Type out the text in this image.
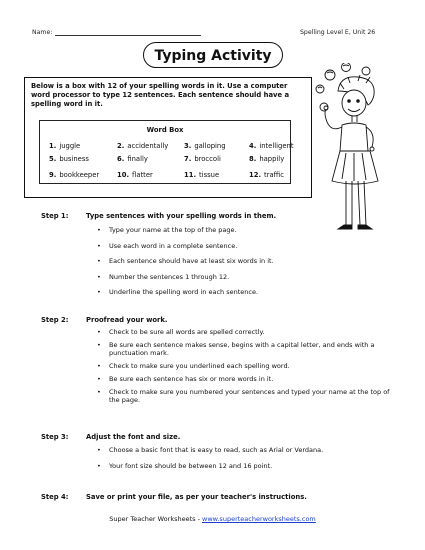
Name:	Spelling Level E, Unit 26
Typing Activity
Below is a box with 12 of your spelling words in it. Use a computer word processor to type 12 sentences. Each sentence should have a spelling word in it.
Word Box
1. juggle	2. accidentally 3. galloping	4. intelligent
5. business	6. finally	7. broccoli	8. happily
9. bookkeeper	10. flatter	11. tissue	12. traffic
Step 1:	Type sentences with your spelling words in them.
• Type your name at the top of the page.
• Use each word in a complete sentence.
• Each sentence should have at least six words in it.
• Number the sentences 1 through 12.
• Underline the spelling word in each sentence.
Step 2:	Proofread your work.
• Check to be sure all words are spelled correctly.
• Be sure each sentence makes sense, begins with a capital letter, and ends with a punctuation mark.
• Check to make sure you underlined each spelling word.
• Be sure each sentence has six or more words in it.
• Check to make sure you numbered your sentences and typed your name at the top of the page.
Step 3:	Adjust the font and size.
• Choose a basic font that is easy to read, such as Arial or Verdana.
• Your font size should be between 12 and 16 point.
Step 4:	Save or print your file, as per your teacher's instructions.
Super Teacher Worksheets - www.superteacherworksheets.com
